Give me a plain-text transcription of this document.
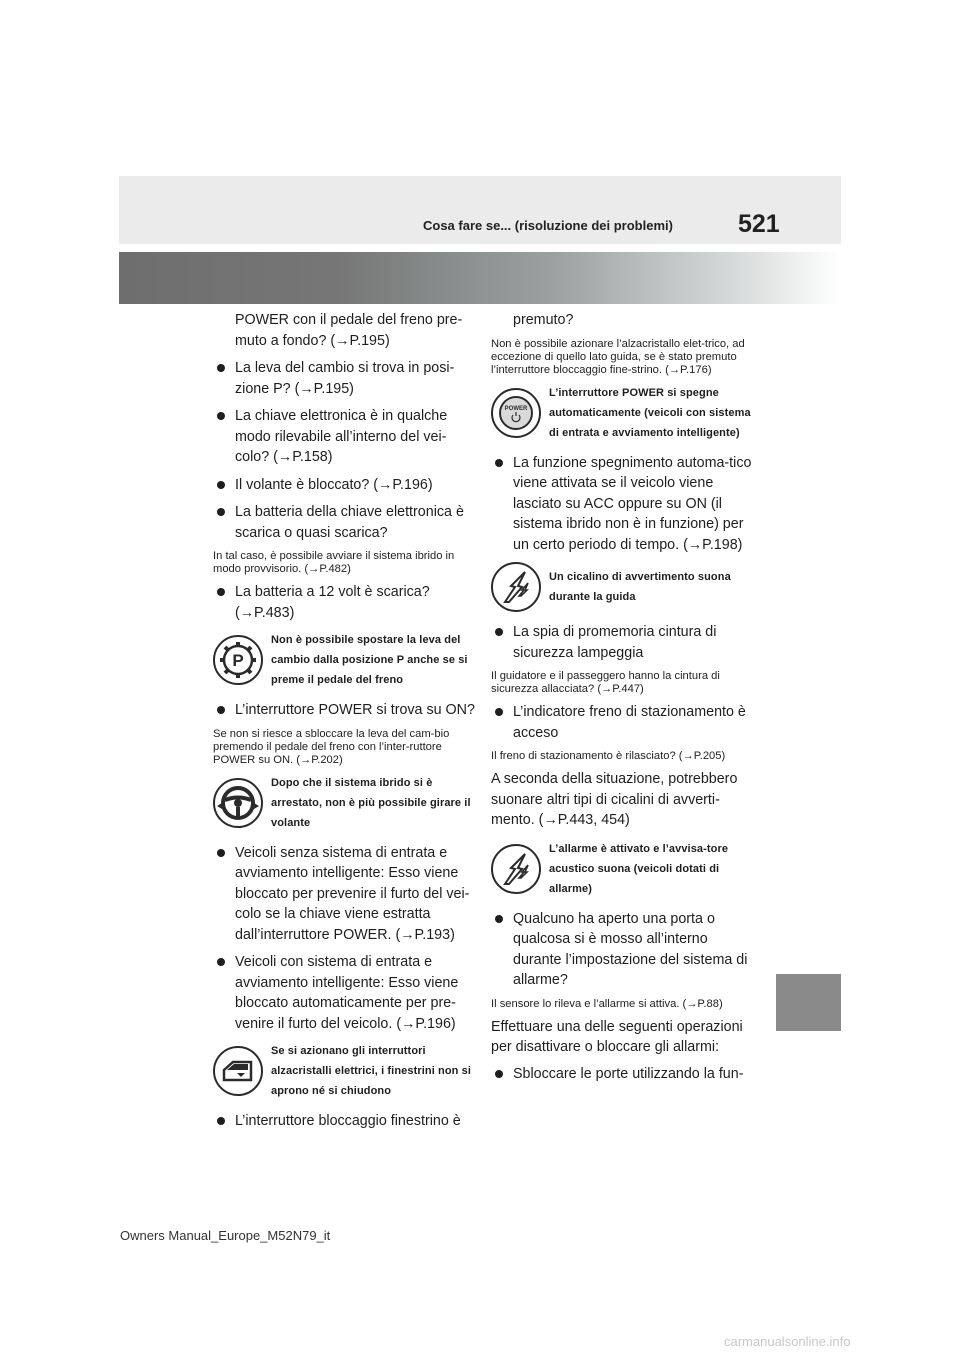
Cosa fare se... (risoluzione dei problemi)	521

POWER con il pedale del freno pre-muto a fondo? (→P.195)

La leva del cambio si trova in posi-zione P? (→P.195)

La chiave elettronica è in qualche modo rilevabile all’interno del vei-colo? (→P.158)

Il volante è bloccato? (→P.196)

La batteria della chiave elettronica è scarica o quasi scarica?

In tal caso, è possibile avviare il sistema ibrido in modo provvisorio. (→P.482)

La batteria a 12 volt è scarica? (→P.483)

P
Non è possibile spostare la leva del cambio dalla posizione P anche se si preme il pedale del freno

L’interruttore POWER si trova su ON?

Se non si riesce a sbloccare la leva del cam-bio premendo il pedale del freno con l’inter-ruttore POWER su ON. (→P.202)

Dopo che il sistema ibrido si è arrestato, non è più possibile girare il volante

Veicoli senza sistema di entrata e avviamento intelligente: Esso viene bloccato per prevenire il furto del vei-colo se la chiave viene estratta dall’interruttore POWER. (→P.193)

Veicoli con sistema di entrata e avviamento intelligente: Esso viene bloccato automaticamente per pre-venire il furto del veicolo. (→P.196)

Se si azionano gli interruttori alzacristalli elettrici, i finestrini non si aprono né si chiudono

L’interruttore bloccaggio finestrino è

premuto?

Non è possibile azionare l’alzacristallo elet-trico, ad eccezione di quello lato guida, se è stato premuto l’interruttore bloccaggio fine-strino. (→P.176)

POWER
L’interruttore POWER si spegne automaticamente (veicoli con sistema di entrata e avviamento intelligente)

La funzione spegnimento automa-tico viene attivata se il veicolo viene lasciato su ACC oppure su ON (il sistema ibrido non è in funzione) per un certo periodo di tempo. (→P.198)

Un cicalino di avvertimento suona durante la guida

La spia di promemoria cintura di sicurezza lampeggia

Il guidatore e il passeggero hanno la cintura di sicurezza allacciata? (→P.447)

L’indicatore freno di stazionamento è acceso

Il freno di stazionamento è rilasciato? (→P.205)

A seconda della situazione, potrebbero suonare altri tipi di cicalini di avverti-mento. (→P.443, 454)

L’allarme è attivato e l’avvisa-tore acustico suona (veicoli dotati di allarme)

Qualcuno ha aperto una porta o qualcosa si è mosso all’interno durante l’impostazione del sistema di allarme?

Il sensore lo rileva e l’allarme si attiva. (→P.88)

Effettuare una delle seguenti operazioni per disattivare o bloccare gli allarmi:

Sbloccare le porte utilizzando la fun-

Owners Manual_Europe_M52N79_it
carmanualsonline.info
